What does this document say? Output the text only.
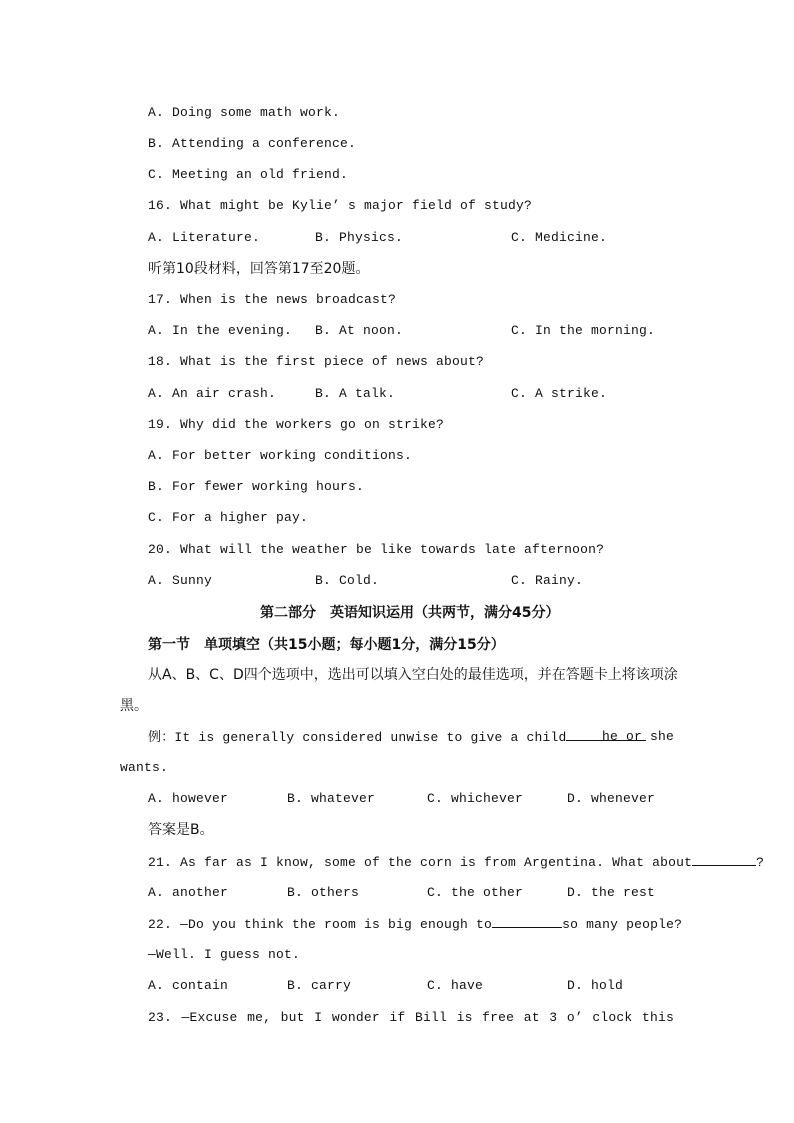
A. Doing some math work.
B. Attending a conference.
C. Meeting an old friend.
16. What might be Kylie’ s major field of study?
A. Literature.	B. Physics.	C. Medicine.
听第10段材料，回答第17至20题。
17. When is the news broadcast?
A. In the evening. B. At noon.	C. In the morning.
18. What is the first piece of news about?
A. An air crash.	B. A talk.	C. A strike.
19. Why did the workers go on strike?
A. For better working conditions.
B. For fewer working hours.
C. For a higher pay.
20. What will the weather be like towards late afternoon?
A. Sunny	B. Cold.	C. Rainy.
第二部分　英语知识运用（共两节，满分45分）
第一节　单项填空（共15小题；每小题1分，满分15分）
从A、B、C、D四个选项中，选出可以填入空白处的最佳选项，并在答题卡上将该项涂
黑。
例：It is generally considered unwise to give a child	he or she
wants.
A. however	B. whatever	C. whichever	D. whenever
答案是B。
21. As far as I know, some of the corn is from Argentina. What about	?
A. another	B. others	C. the other	D. the rest
22. —Do you think the room is big enough to	so many people?
—Well. I guess not.
A. contain	B. carry	C. have	D. hold
23. —Excuse me, but I wonder if Bill is free at 3 o’ clock this
